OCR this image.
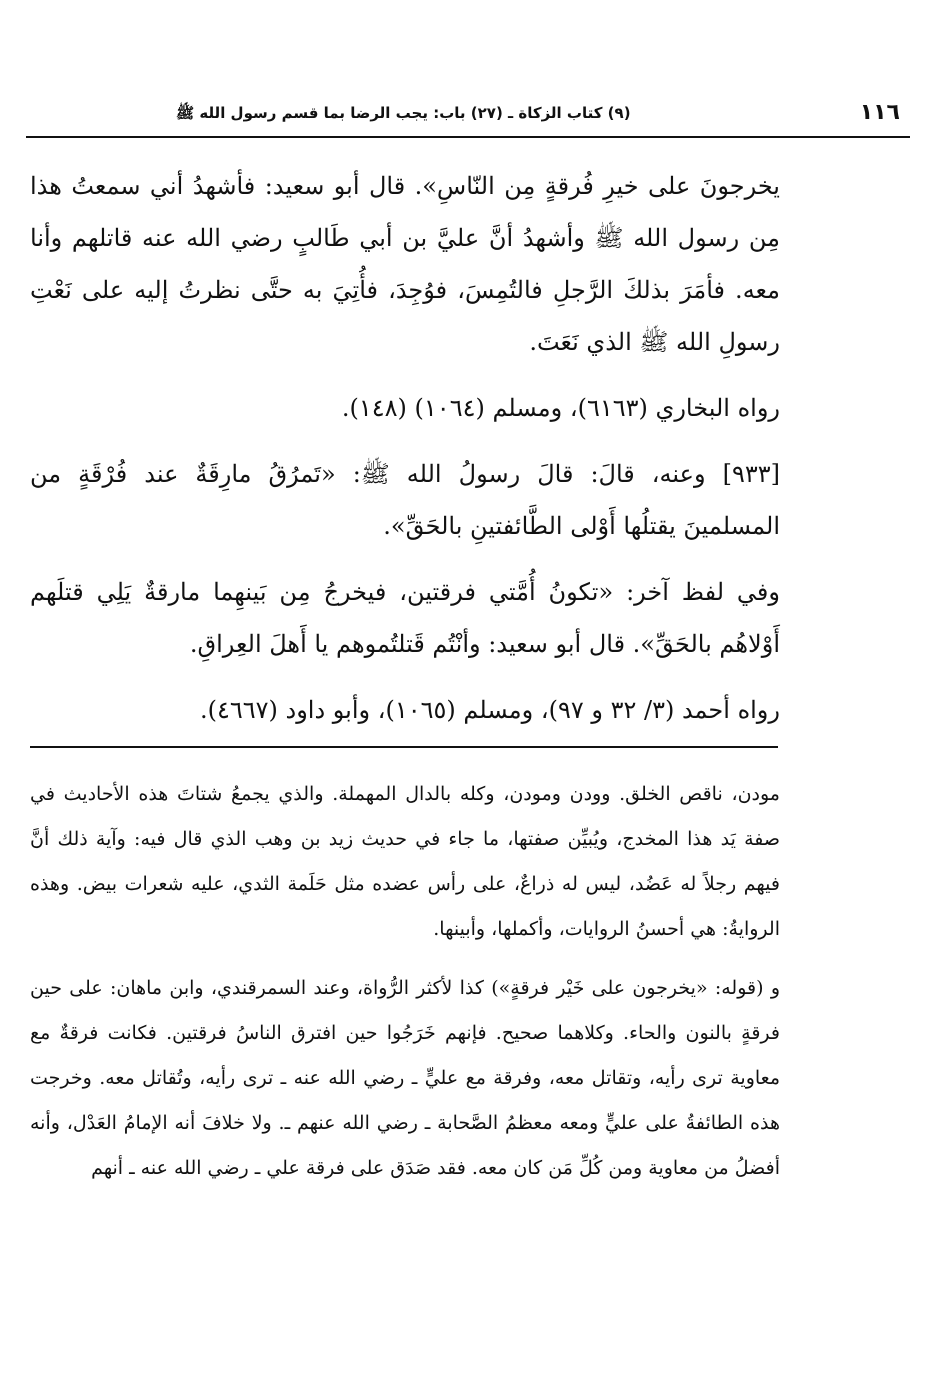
١١٦
(٩) كتاب الزكاة ـ (٢٧) باب: يجب الرضا بما قسم رسول الله ﷺ

يخرجونَ على خيرِ فُرقةٍ مِن النّاسِ». قال أبو سعيد: فأشهدُ أني سمعتُ هذا مِن رسول الله ﷺ وأشهدُ أنَّ عليَّ بن أبي طَالبٍ رضي الله عنه قاتلهم وأنا معه. فأمَرَ بذلكَ الرَّجلِ فالتُمِسَ، فوُجِدَ، فأُتِيَ به حتَّى نظرتُ إليه على نَعْتِ رسولِ الله ﷺ الذي نَعَتَ.

رواه البخاري (٦١٦٣)، ومسلم (١٠٦٤) (١٤٨).

[٩٣٣] وعنه، قالَ: قالَ رسولُ الله ﷺ: «تَمرُقُ مارِقَةٌ عند فُرْقَةٍ من المسلمينَ يقتلُها أَوْلى الطَّائفتينِ بالحَقِّ».

وفي لفظ آخر: «تكونُ أُمَّتي فرقتين، فيخرجُ مِن بَينهِما مارقةٌ يَلِي قتلَهم أَوْلاهُم بالحَقِّ». قال أبو سعيد: وأنْتُم قَتلتُموهم يا أَهلَ العِراقِ.

رواه أحمد (٣/ ٣٢ و ٩٧)، ومسلم (١٠٦٥)، وأبو داود (٤٦٦٧).

مودن، ناقص الخلق. وودن ومودن، وكله بالدال المهملة. والذي يجمعُ شتاتَ هذه الأحاديث في صفة يَد هذا المخدج، ويُبيِّن صفتها، ما جاء في حديث زيد بن وهب الذي قال فيه: وآية ذلك أنَّ فيهم رجلاً له عَضُد، ليس له ذراعٌ، على رأس عضده مثل حَلَمة الثدي، عليه شعرات بيض. وهذه الروايةُ: هي أحسنُ الروايات، وأكملها، وأبينها.

و (قوله: «يخرجون على خَيْر فرقةٍ») كذا لأكثر الرُّواة، وعند السمرقندي، وابن ماهان: على حين فرقةٍ بالنون والحاء. وكلاهما صحيح. فإنهم خَرَجُوا حين افترق الناسُ فرقتين. فكانت فرقةٌ مع معاوية ترى رأيه، وتقاتل معه، وفرقة مع عليٍّ ـ رضي الله عنه ـ ترى رأيه، وتُقاتل معه. وخرجت هذه الطائفةُ على عليٍّ ومعه معظمُ الصَّحابة ـ رضي الله عنهم ـ. ولا خلافَ أنه الإمامُ العَدْل، وأنه أفضلُ من معاوية ومن كُلِّ مَن كان معه. فقد صَدَق على فرقة علي ـ رضي الله عنه ـ أنهم
